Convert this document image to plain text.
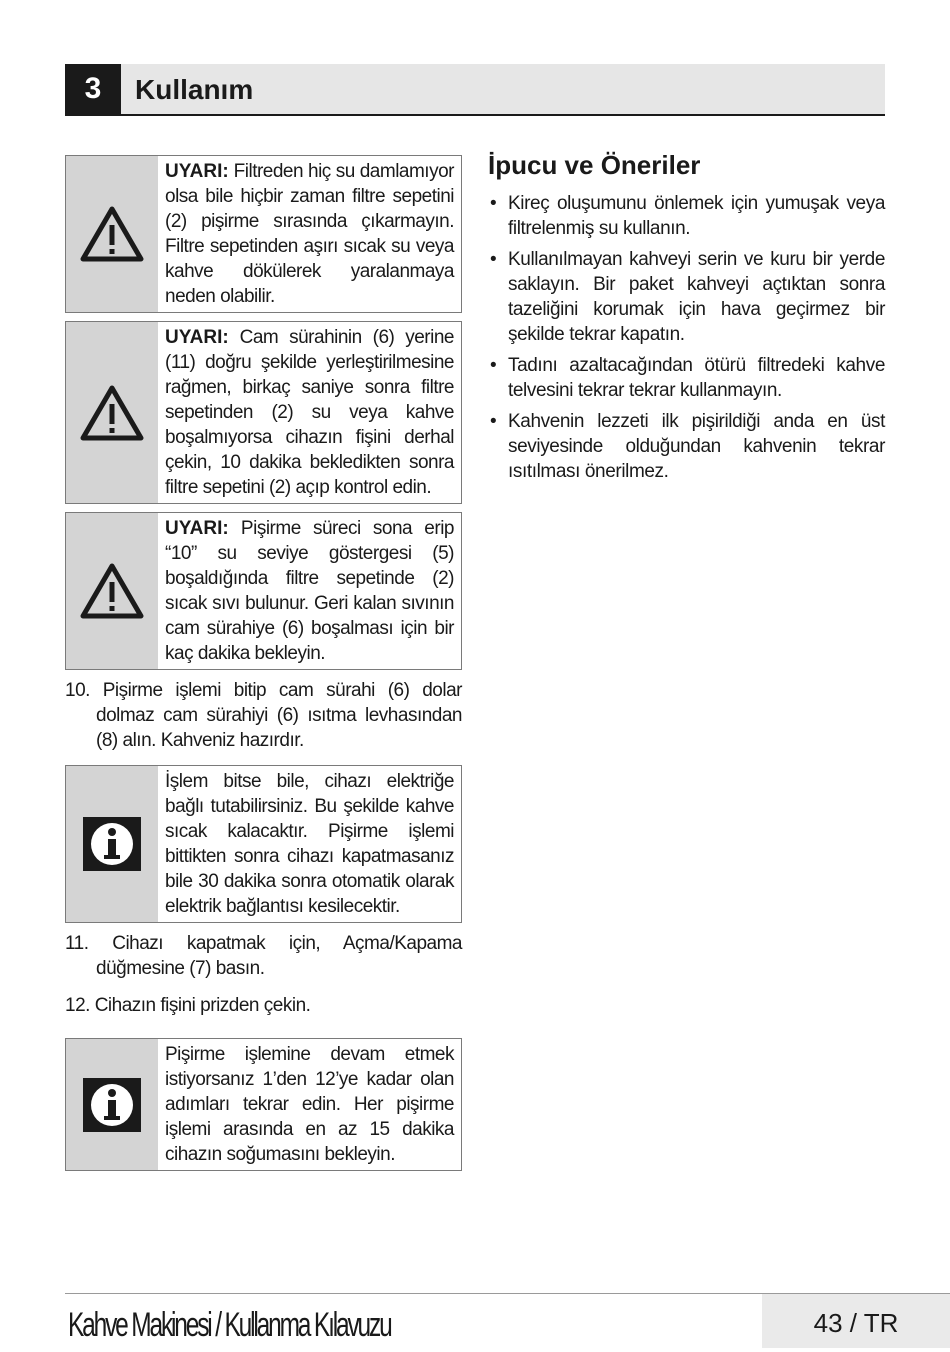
3	Kullanım
UYARI: Filtreden hiç su damlamıyor olsa bile hiçbir zaman filtre sepetini (2) pişirme sırasında çıkarmayın. Filtre sepetinden aşırı sıcak su veya kahve dökülerek yaralanmaya neden olabilir.
UYARI: Cam sürahinin (6) yerine (11) doğru şekilde yerleştirilmesine rağmen, birkaç saniye sonra filtre sepetinden (2) su veya kahve boşalmıyorsa cihazın fişini derhal çekin, 10 dakika bekledikten sonra filtre sepetini (2) açıp kontrol edin.
UYARI: Pişirme süreci sona erip “10” su seviye göstergesi (5) boşaldığında filtre sepetinde (2) sıcak sıvı bulunur. Geri kalan sıvının cam sürahiye (6) boşalması için bir kaç dakika bekleyin.

10. Pişirme işlemi bitip cam sürahi (6) dolar dolmaz cam sürahiyi (6) ısıtma levhasından (8) alın. Kahveniz hazırdır.

İşlem bitse bile, cihazı elektriğe bağlı tutabilirsiniz. Bu şekilde kahve sıcak kalacaktır. Pişirme işlemi bittikten sonra cihazı kapatmasanız bile 30 dakika sonra otomatik olarak elektrik bağlantısı kesilecektir.

11. Cihazı kapatmak için, Açma/Kapama düğmesine (7) basın.

12. Cihazın fişini prizden çekin.

Pişirme işlemine devam etmek istiyorsanız 1’den 12’ye kadar olan adımları tekrar edin. Her pişirme işlemi arasında en az 15 dakika cihazın soğumasını bekleyin.
İpucu ve Öneriler
• Kireç oluşumunu önlemek için yumuşak veya filtrelenmiş su kullanın.
• Kullanılmayan kahveyi serin ve kuru bir yerde saklayın. Bir paket kahveyi açtıktan sonra tazeliğini korumak için hava geçirmez bir şekilde tekrar kapatın.
• Tadını azaltacağından ötürü filtredeki kahve telvesini tekrar tekrar kullanmayın.
• Kahvenin lezzeti ilk pişirildiği anda en üst seviyesinde olduğundan kahvenin tekrar ısıtılması önerilmez.
Kahve Makinesi / Kullanma Kılavuzu	43 / TR
